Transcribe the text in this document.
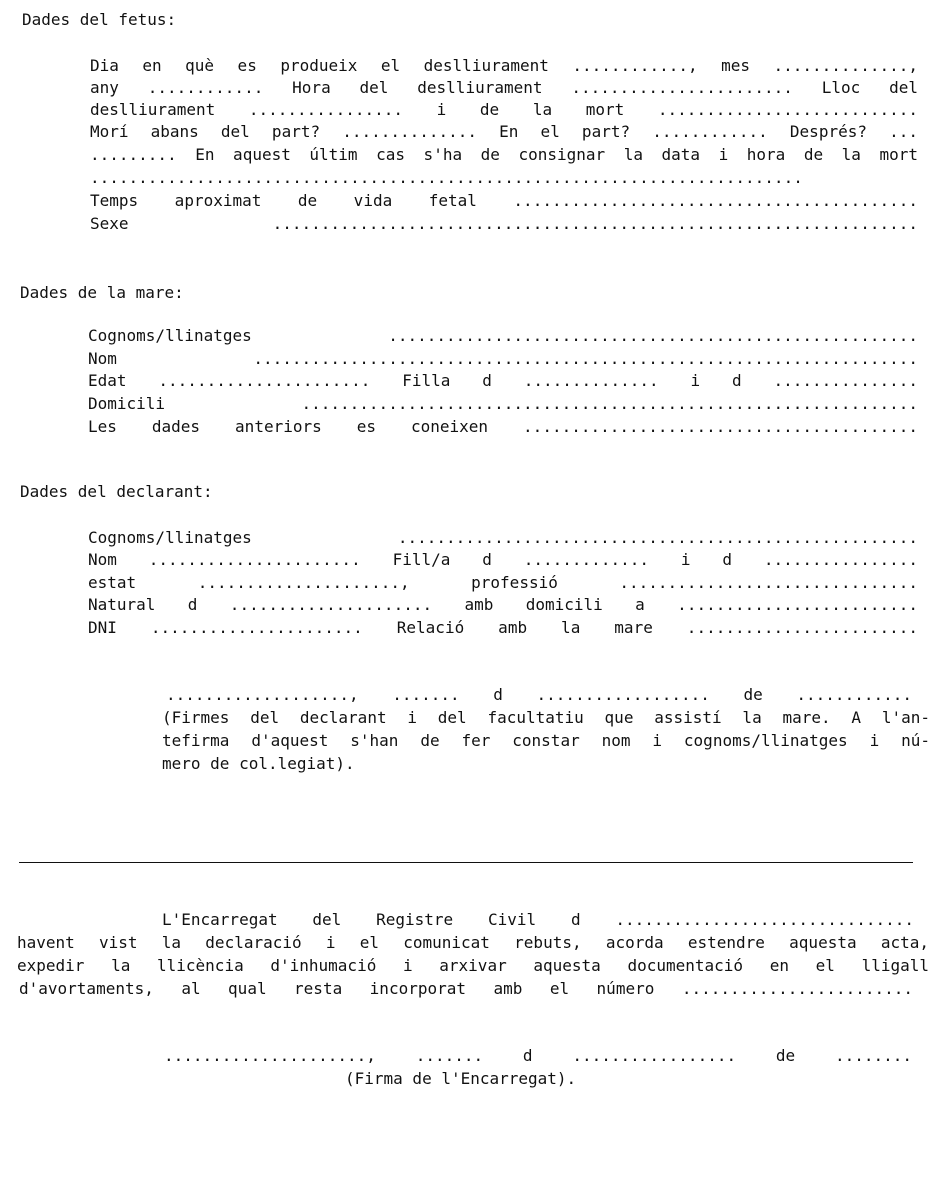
Dades del fetus:
Dia en què es produeix el deslliurament ............, mes ..............,
any ............ Hora del deslliurament ....................... Lloc del
deslliurament ................ i de la mort ...........................
Morí abans del part? .............. En el part? ............ Després? ...
......... En aquest últim cas s'ha de consignar la data i hora de la mort
..........................................................................
Temps aproximat de vida fetal ..........................................
Sexe ...................................................................
Dades de la mare:
Cognoms/llinatges .......................................................
Nom .....................................................................
Edat ...................... Filla d .............. i d ...............
Domicili ................................................................
Les dades anteriors es coneixen .........................................
Dades del declarant:
Cognoms/llinatges ......................................................
Nom ...................... Fill/a d ............. i d ................
estat ....................., professió ...............................
Natural d ..................... amb domicili a .........................
DNI ...................... Relació amb la mare ........................
..................., ....... d .................. de ............
(Firmes del declarant i del facultatiu que assistí la mare. A l'an-
tefirma d'aquest s'han de fer constar nom i cognoms/llinatges i nú-
mero de col.legiat).
L'Encarregat del Registre Civil d ...............................
havent vist la declaració i el comunicat rebuts, acorda estendre aquesta acta,
expedir la llicència d'inhumació i arxivar aquesta documentació en el lligall
d'avortaments, al qual resta incorporat amb el número ........................
....................., ....... d ................. de ........
(Firma de l'Encarregat).
